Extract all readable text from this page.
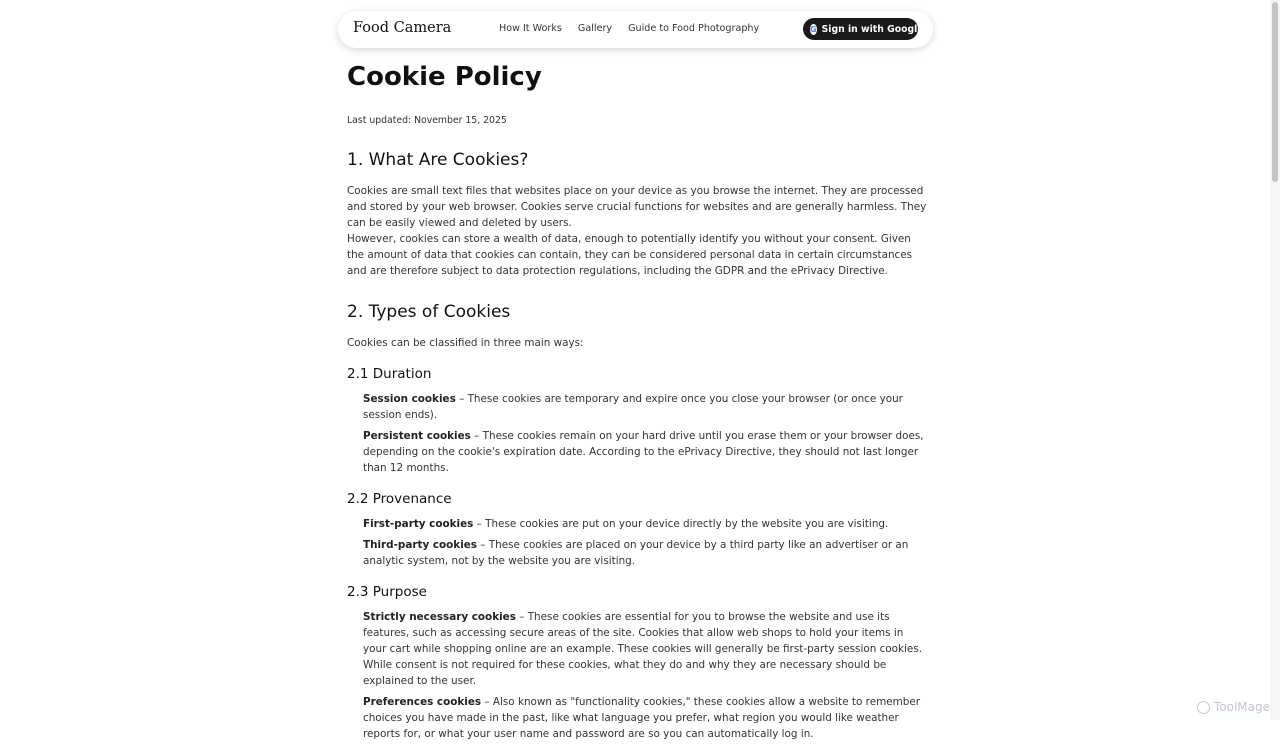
Food Camera	How It Works Gallery Guide to Food Photography	G Sign in with Google
Cookie Policy
Last updated: November 15, 2025
1. What Are Cookies?

Cookies are small text files that websites place on your device as you browse the internet. They are processed and stored by your web browser. Cookies serve crucial functions for websites and are generally harmless. They can be easily viewed and deleted by users.

However, cookies can store a wealth of data, enough to potentially identify you without your consent. Given the amount of data that cookies can contain, they can be considered personal data in certain circumstances and are therefore subject to data protection regulations, including the GDPR and the ePrivacy Directive.

2. Types of Cookies

Cookies can be classified in three main ways:

2.1 Duration
Session cookies – These cookies are temporary and expire once you close your browser (or once your session ends).
Persistent cookies – These cookies remain on your hard drive until you erase them or your browser does, depending on the cookie's expiration date. According to the ePrivacy Directive, they should not last longer than 12 months.
2.2 Provenance
First-party cookies – These cookies are put on your device directly by the website you are visiting.
Third-party cookies – These cookies are placed on your device by a third party like an advertiser or an analytic system, not by the website you are visiting.
2.3 Purpose
Strictly necessary cookies – These cookies are essential for you to browse the website and use its features, such as accessing secure areas of the site. Cookies that allow web shops to hold your items in your cart while shopping online are an example. These cookies will generally be first-party session cookies. While consent is not required for these cookies, what they do and why they are necessary should be explained to the user.
Preferences cookies – Also known as "functionality cookies," these cookies allow a website to remember choices you have made in the past, like what language you prefer, what region you would like weather reports for, or what your user name and password are so you can automatically log in.	ToolMage
